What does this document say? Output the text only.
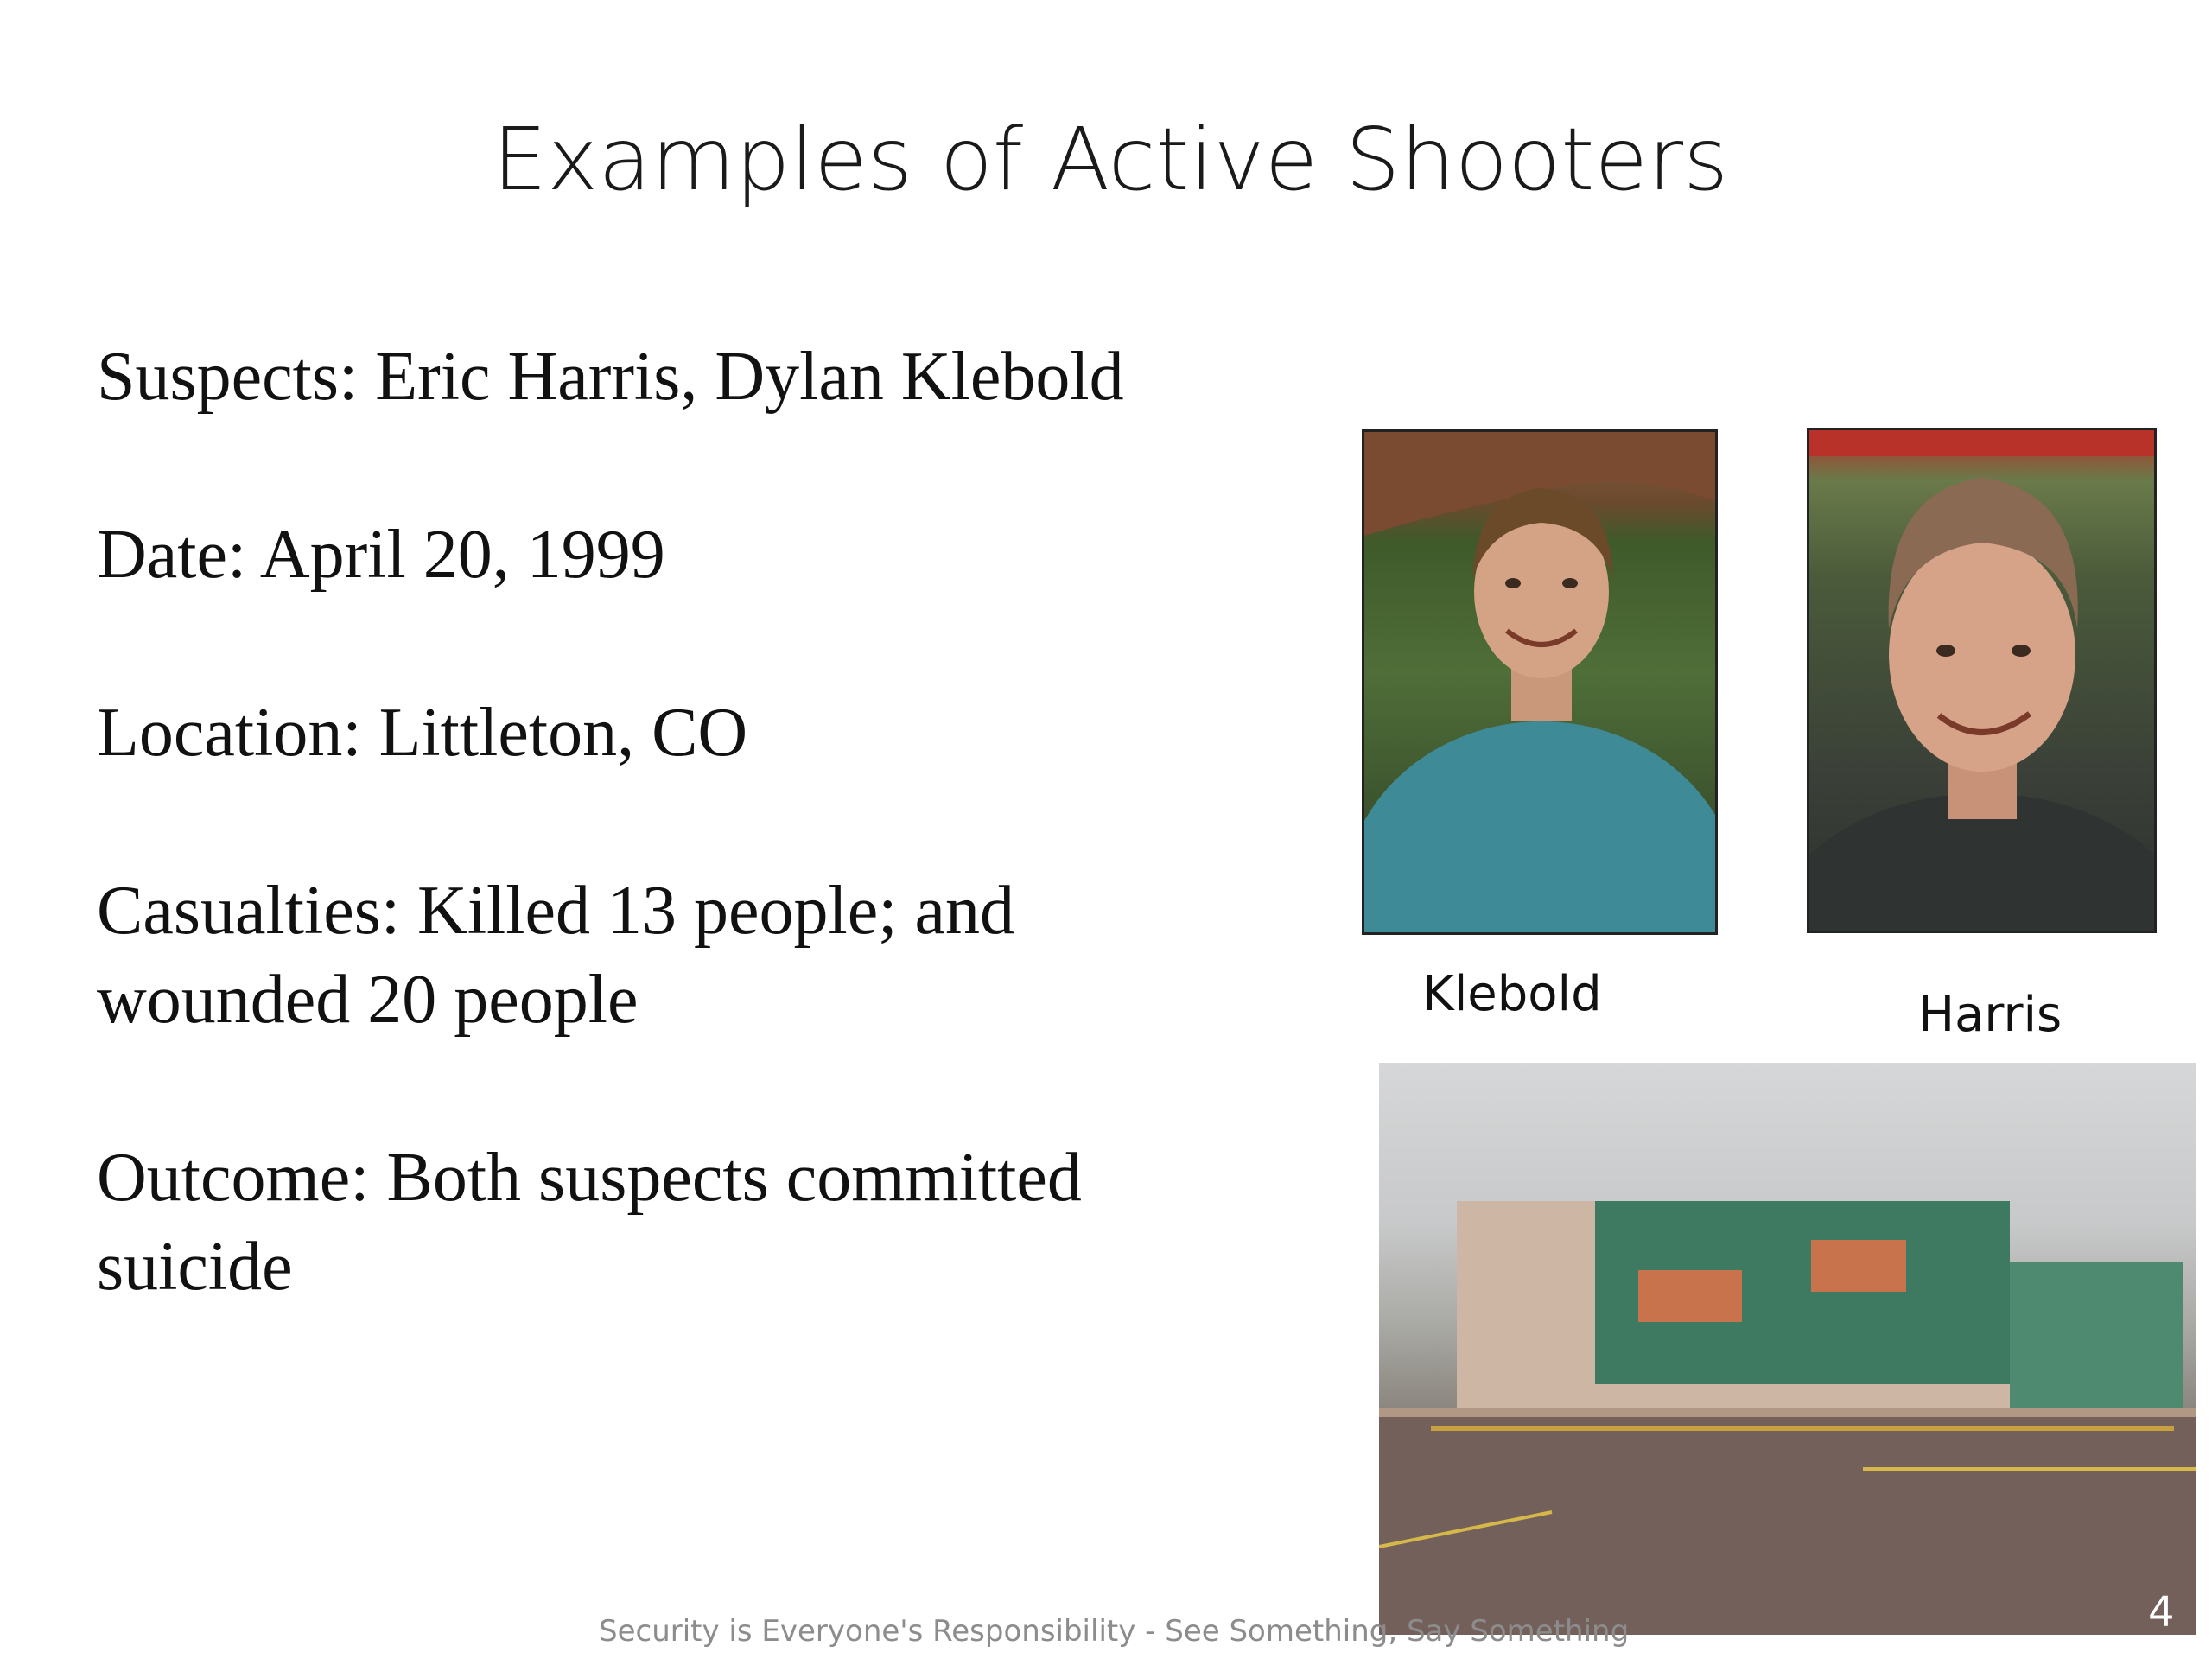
Examples of Active Shooters

Suspects: Eric Harris, Dylan Klebold

Date: April 20, 1999

Location: Littleton, CO

Casualties: Killed 13 people; and wounded 20 people

Outcome: Both suspects committed suicide

Klebold	Harris
Security is Everyone's Responsibility - See Something, Say Something	4
